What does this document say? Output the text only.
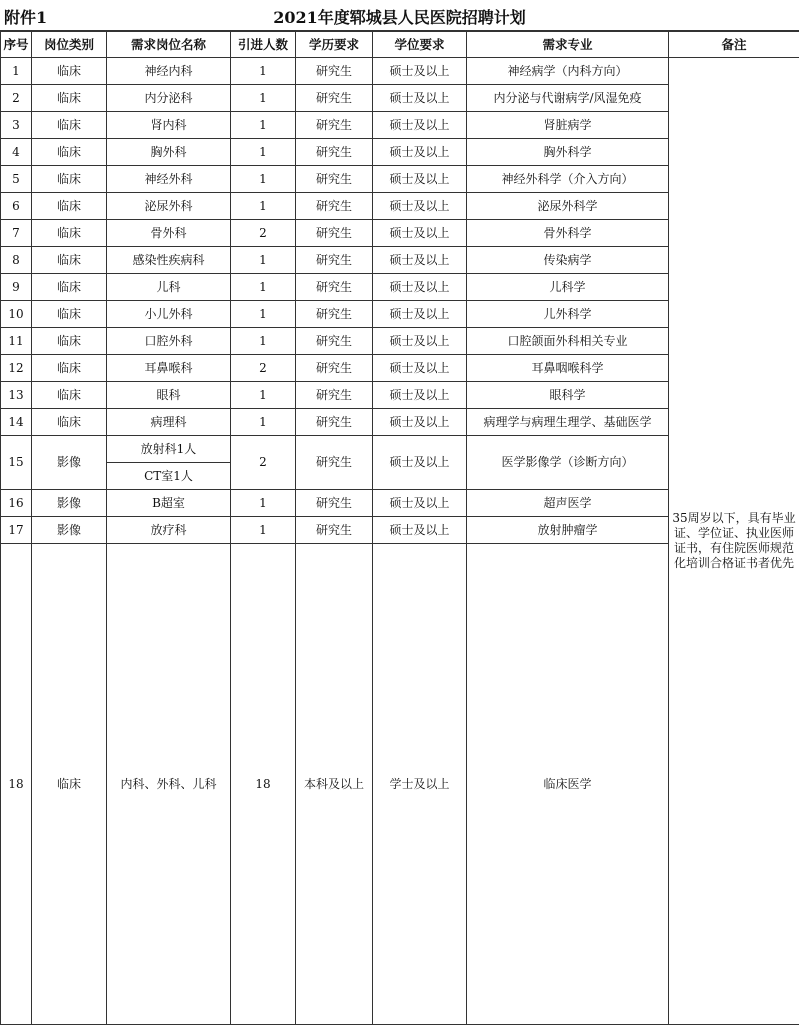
附件1	2021年度郓城县人民医院招聘计划
序号	岗位类别	需求岗位名称	引进人数	学历要求	学位要求	需求专业	备注	
1	临床	神经内科	1	研究生	硕士及以上	神经病学（内科方向）	35周岁以下，具有毕业证、学位证、执业医师证书，有住院医师规范化培训合格证书者优先	
2	临床	内分泌科	1	研究生	硕士及以上	内分泌与代谢病学/风湿免疫		
3	临床	肾内科	1	研究生	硕士及以上	肾脏病学		
4	临床	胸外科	1	研究生	硕士及以上	胸外科学		
5	临床	神经外科	1	研究生	硕士及以上	神经外科学（介入方向）		
6	临床	泌尿外科	1	研究生	硕士及以上	泌尿外科学		
7	临床	骨外科	2	研究生	硕士及以上	骨外科学		
8	临床	感染性疾病科	1	研究生	硕士及以上	传染病学		
9	临床	儿科	1	研究生	硕士及以上	儿科学		
10	临床	小儿外科	1	研究生	硕士及以上	儿外科学		
11	临床	口腔外科	1	研究生	硕士及以上	口腔颌面外科相关专业		
12	临床	耳鼻喉科	2	研究生	硕士及以上	耳鼻咽喉科学		
13	临床	眼科	1	研究生	硕士及以上	眼科学		
14	临床	病理科	1	研究生	硕士及以上	病理学与病理生理学、基础医学		
15	影像	放射科1人	2	研究生	硕士及以上	医学影像学（诊断方向）		
		CT室1人						
16	影像	B超室	1	研究生	硕士及以上	超声医学		
17	影像	放疗科	1	研究生	硕士及以上	放射肿瘤学		
18	临床	内科、外科、儿科	18	本科及以上	学士及以上	临床医学	
